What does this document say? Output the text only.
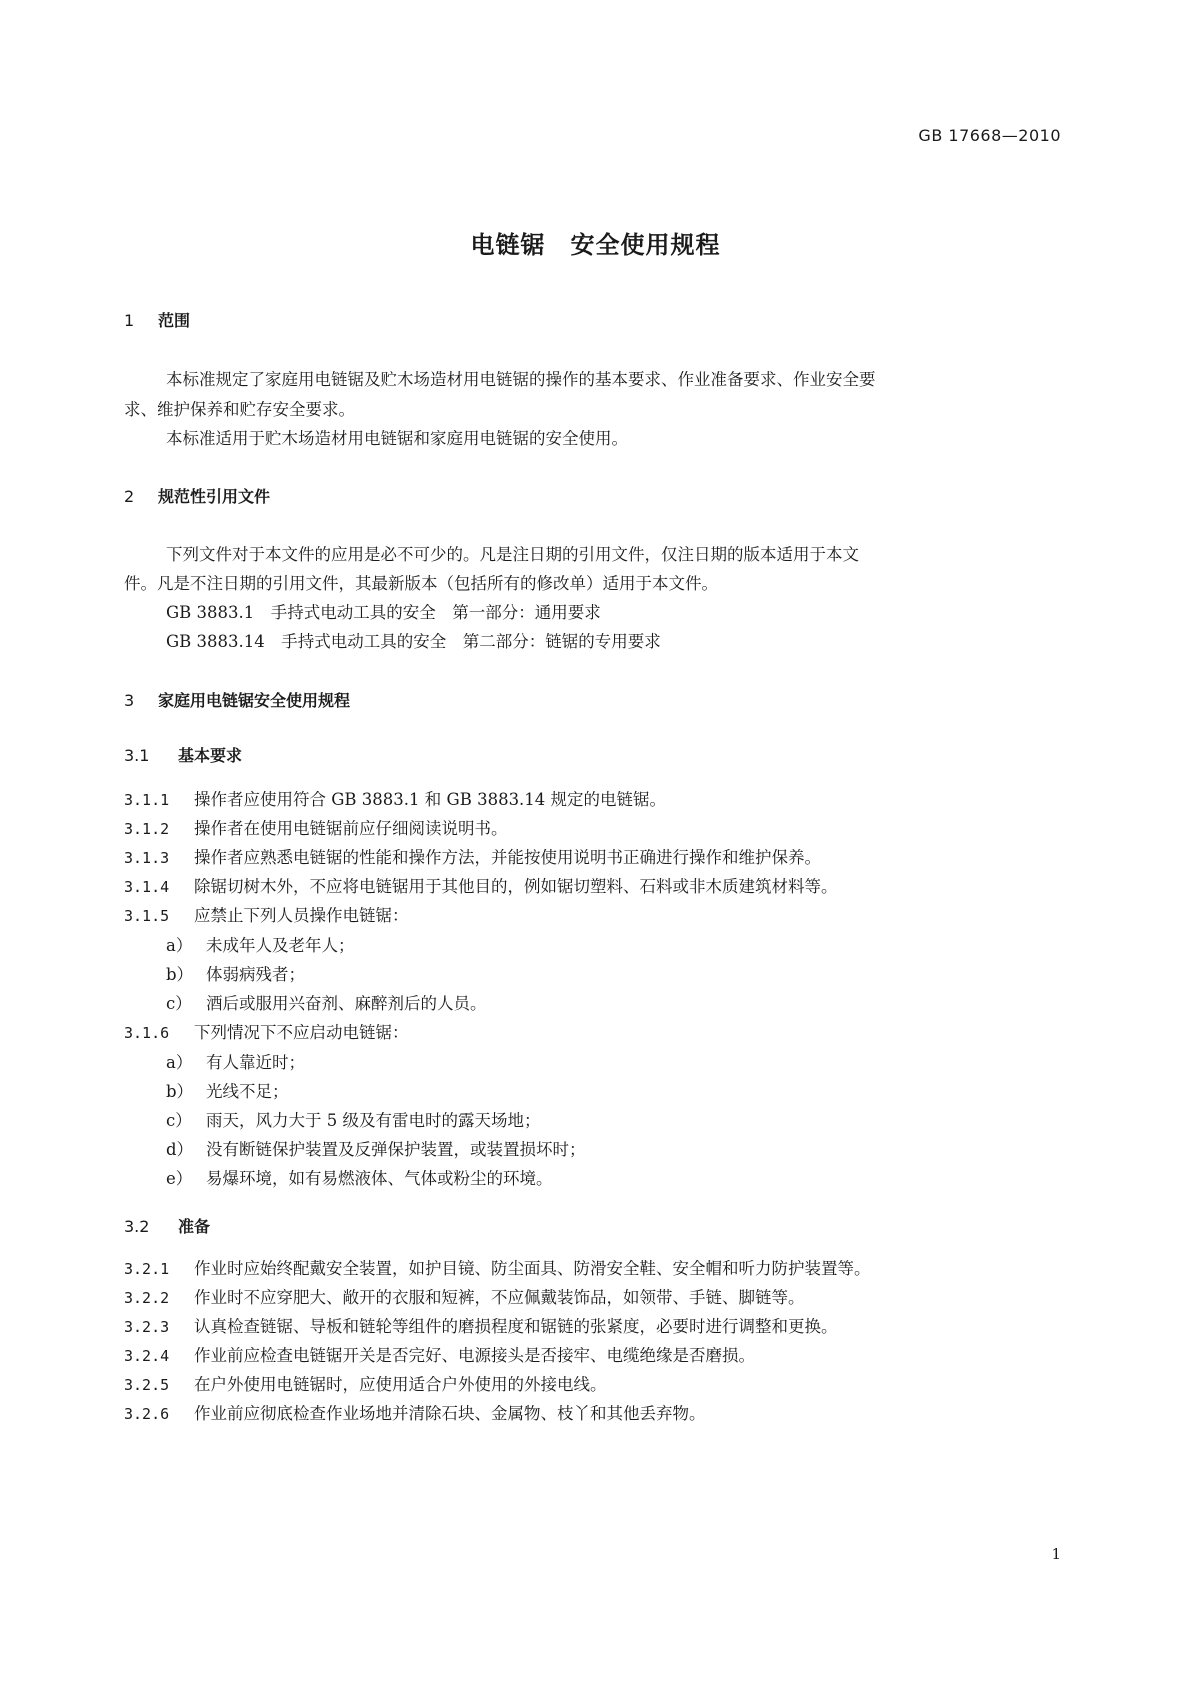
GB 17668—2010
电链锯　安全使用规程
1 范围
本标准规定了家庭用电链锯及贮木场造材用电链锯的操作的基本要求、作业准备要求、作业安全要
求、维护保养和贮存安全要求。
本标准适用于贮木场造材用电链锯和家庭用电链锯的安全使用。
2 规范性引用文件
下列文件对于本文件的应用是必不可少的。凡是注日期的引用文件，仅注日期的版本适用于本文
件。凡是不注日期的引用文件，其最新版本（包括所有的修改单）适用于本文件。
GB 3883.1　手持式电动工具的安全　第一部分：通用要求
GB 3883.14　手持式电动工具的安全　第二部分：链锯的专用要求
3 家庭用电链锯安全使用规程
3.1 基本要求
3.1.1 操作者应使用符合 GB 3883.1 和 GB 3883.14 规定的电链锯。
3.1.2 操作者在使用电链锯前应仔细阅读说明书。
3.1.3 操作者应熟悉电链锯的性能和操作方法，并能按使用说明书正确进行操作和维护保养。
3.1.4 除锯切树木外，不应将电链锯用于其他目的，例如锯切塑料、石料或非木质建筑材料等。
3.1.5 应禁止下列人员操作电链锯：
a） 未成年人及老年人；
b） 体弱病残者；
c） 酒后或服用兴奋剂、麻醉剂后的人员。
3.1.6 下列情况下不应启动电链锯：
a） 有人靠近时；
b） 光线不足；
c） 雨天，风力大于 5 级及有雷电时的露天场地；
d） 没有断链保护装置及反弹保护装置，或装置损坏时；
e） 易爆环境，如有易燃液体、气体或粉尘的环境。
3.2 准备
3.2.1 作业时应始终配戴安全装置，如护目镜、防尘面具、防滑安全鞋、安全帽和听力防护装置等。
3.2.2 作业时不应穿肥大、敞开的衣服和短裤，不应佩戴装饰品，如领带、手链、脚链等。
3.2.3 认真检查链锯、导板和链轮等组件的磨损程度和锯链的张紧度，必要时进行调整和更换。
3.2.4 作业前应检查电链锯开关是否完好、电源接头是否接牢、电缆绝缘是否磨损。
3.2.5 在户外使用电链锯时，应使用适合户外使用的外接电线。
3.2.6 作业前应彻底检查作业场地并清除石块、金属物、枝丫和其他丢弃物。
1
